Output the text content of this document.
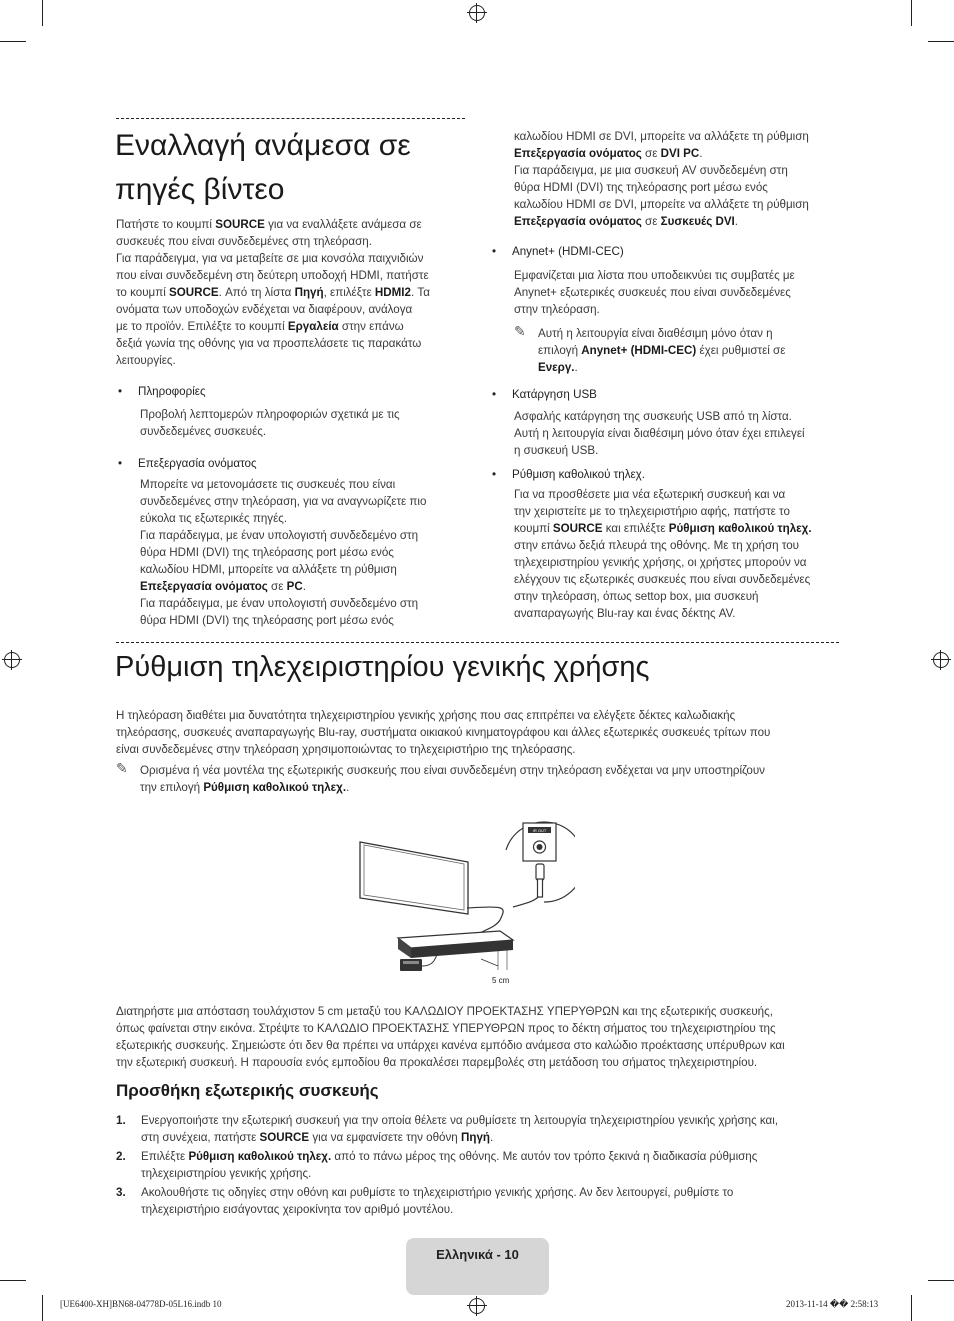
Εναλλαγή ανάμεσα σε

πηγές βίντεο

Πατήστε το κουμπί SOURCE για να εναλλάξετε ανάμεσα σε

συσκευές που είναι συνδεδεμένες στη τηλεόραση.

Για παράδειγμα, για να μεταβείτε σε μια κονσόλα παιχνιδιών

που είναι συνδεδεμένη στη δεύτερη υποδοχή HDMI, πατήστε

το κουμπί SOURCE. Από τη λίστα Πηγή, επιλέξτε HDMI2. Τα

ονόματα των υποδοχών ενδέχεται να διαφέρουν, ανάλογα

με το προϊόν. Επιλέξτε το κουμπί Εργαλεία στην επάνω

δεξιά γωνία της οθόνης για να προσπελάσετε τις παρακάτω

λειτουργίες.

• Πληροφορίες

Προβολή λεπτομερών πληροφοριών σχετικά με τις

συνδεδεμένες συσκευές.

• Επεξεργασία ονόματος

Μπορείτε να μετονομάσετε τις συσκευές που είναι

συνδεδεμένες στην τηλεόραση, για να αναγνωρίζετε πιο

εύκολα τις εξωτερικές πηγές.

Για παράδειγμα, με έναν υπολογιστή συνδεδεμένο στη

θύρα HDMI (DVI) της τηλεόρασης port μέσω ενός

καλωδίου HDMI, μπορείτε να αλλάξετε τη ρύθμιση

Επεξεργασία ονόματος σε PC.

Για παράδειγμα, με έναν υπολογιστή συνδεδεμένο στη

θύρα HDMI (DVI) της τηλεόρασης port μέσω ενός

καλωδίου HDMI σε DVI, μπορείτε να αλλάξετε τη ρύθμιση

Επεξεργασία ονόματος σε DVI PC.

Για παράδειγμα, με μια συσκευή AV συνδεδεμένη στη

θύρα HDMI (DVI) της τηλεόρασης port μέσω ενός

καλωδίου HDMI σε DVI, μπορείτε να αλλάξετε τη ρύθμιση

Επεξεργασία ονόματος σε Συσκευές DVI.

• Anynet+ (HDMI-CEC)

Εμφανίζεται μια λίστα που υποδεικνύει τις συμβατές με

Anynet+ εξωτερικές συσκευές που είναι συνδεδεμένες

στην τηλεόραση.

✎	Αυτή η λειτουργία είναι διαθέσιμη μόνο όταν η

επιλογή Anynet+ (HDMI-CEC) έχει ρυθμιστεί σε

Ενεργ..

• Κατάργηση USB

Ασφαλής κατάργηση της συσκευής USB από τη λίστα.

Αυτή η λειτουργία είναι διαθέσιμη μόνο όταν έχει επιλεγεί

η συσκευή USB.

• Ρύθμιση καθολικού τηλεχ.

Για να προσθέσετε μια νέα εξωτερική συσκευή και να

την χειριστείτε με το τηλεχειριστήριο αφής, πατήστε το

κουμπί SOURCE και επιλέξτε Ρύθμιση καθολικού τηλεχ.

στην επάνω δεξιά πλευρά της οθόνης. Με τη χρήση του

τηλεχειριστηρίου γενικής χρήσης, οι χρήστες μπορούν να

ελέγχουν τις εξωτερικές συσκευές που είναι συνδεδεμένες

στην τηλεόραση, όπως settop box, μια συσκευή

αναπαραγωγής Blu-ray και ένας δέκτης AV.

Ρύθμιση τηλεχειριστηρίου γενικής χρήσης

Η τηλεόραση διαθέτει μια δυνατότητα τηλεχειριστηρίου γενικής χρήσης που σας επιτρέπει να ελέγξετε δέκτες καλωδιακής

τηλεόρασης, συσκευές αναπαραγωγής Blu-ray, συστήματα οικιακού κινηματογράφου και άλλες εξωτερικές συσκευές τρίτων που

είναι συνδεδεμένες στην τηλεόραση χρησιμοποιώντας το τηλεχειριστήριο της τηλεόρασης.

✎	Ορισμένα ή νέα μοντέλα της εξωτερικής συσκευής που είναι συνδεδεμένη στην τηλεόραση ενδέχεται να μην υποστηρίζουν

την επιλογή Ρύθμιση καθολικού τηλεχ..

IR OUT
5 cm

Διατηρήστε μια απόσταση τουλάχιστον 5 cm μεταξύ του ΚΑΛΩΔΙΟΥ ΠΡΟΕΚΤΑΣΗΣ ΥΠΕΡΥΘΡΩΝ και της εξωτερικής συσκευής,

όπως φαίνεται στην εικόνα. Στρέψτε το ΚΑΛΩΔΙΟ ΠΡΟΕΚΤΑΣΗΣ ΥΠΕΡΥΘΡΩΝ προς το δέκτη σήματος του τηλεχειριστηρίου της

εξωτερικής συσκευής. Σημειώστε ότι δεν θα πρέπει να υπάρχει κανένα εμπόδιο ανάμεσα στο καλώδιο προέκτασης υπέρυθρων και

την εξωτερική συσκευή. Η παρουσία ενός εμποδίου θα προκαλέσει παρεμβολές στη μετάδοση του σήματος τηλεχειριστηρίου.

Προσθήκη εξωτερικής συσκευής

1.	Ενεργοποιήστε την εξωτερική συσκευή για την οποία θέλετε να ρυθμίσετε τη λειτουργία τηλεχειριστηρίου γενικής χρήσης και,

στη συνέχεια, πατήστε SOURCE για να εμφανίσετε την οθόνη Πηγή.

2.	Επιλέξτε Ρύθμιση καθολικού τηλεχ. από το πάνω μέρος της οθόνης. Με αυτόν τον τρόπο ξεκινά η διαδικασία ρύθμισης

τηλεχειριστηρίου γενικής χρήσης.

3.	Ακολουθήστε τις οδηγίες στην οθόνη και ρυθμίστε το τηλεχειριστήριο γενικής χρήσης. Αν δεν λειτουργεί, ρυθμίστε το

τηλεχειριστήριο εισάγοντας χειροκίνητα τον αριθμό μοντέλου.

Ελληνικά - 10
[UE6400-XH]BN68-04778D-05L16.indb 10	2013-11-14 �� 2:58:13
